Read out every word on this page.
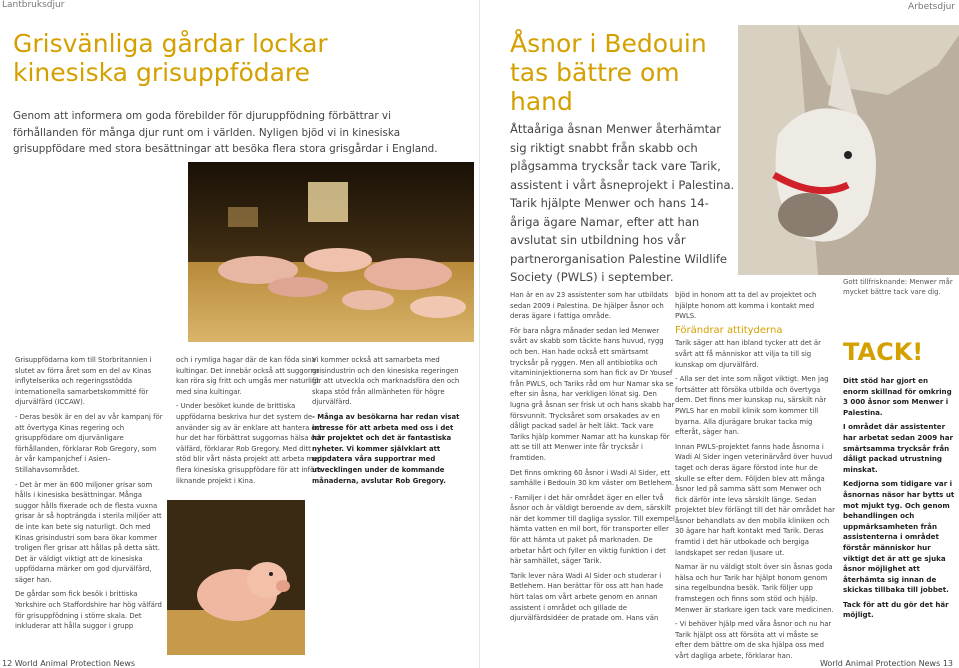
Lantbruksdjur
Grisvänliga gårdar lockar
kinesiska grisuppfödare
Genom att informera om goda förebilder för djuruppfödning förbättrar vi förhållanden för många djur runt om i världen. Nyligen bjöd vi in kinesiska grisuppfödare med stora besättningar att besöka flera stora grisgårdar i England.

Grisuppfödarna kom till Storbritannien i slutet av förra året som en del av Kinas inflytelserika och regeringsstödda internationella samarbetskommitté för djurvälfärd (ICCAW).

- Deras besök är en del av vår kampanj för att övertyga Kinas regering och grisuppfödare om djurvänligare förhållanden, förklarar Rob Gregory, som är vår kampanjchef i Asien– Stillahavsområdet.

- Det är mer än 600 miljoner grisar som hålls i kinesiska besättningar. Många suggor hålls fixerade och de flesta vuxna grisar är så hopträngda i sterila miljöer att de inte kan bete sig naturligt. Och med Kinas grisindustri som bara ökar kommer troligen fler grisar att hållas på detta sätt. Det är väldigt viktigt att de kinesiska uppfödarna märker om god djurvälfärd, säger han.

De gårdar som fick besök i brittiska Yorkshire och Staffordshire har hög välfärd för grisuppfödning i större skala. Det inkluderar att hålla suggor i grupp

och i rymliga hagar där de kan föda sina kultingar. Det innebär också att suggorna kan röra sig fritt och umgås mer naturligt med sina kultingar.

- Under besöket kunde de brittiska uppfödarna beskriva hur det system de använder sig av är enklare att hantera och hur det har förbättrat suggornas hälsa och välfärd, förklarar Rob Gregory. Med ditt stöd blir vårt nästa projekt att arbeta med flera kinesiska grisuppfödare för att införa liknande projekt i Kina.

Vi kommer också att samarbeta med grisindustrin och den kinesiska regeringen för att utveckla och marknadsföra den och skapa stöd från allmänheten för högre djurvälfärd.

- Många av besökarna har redan visat intresse för att arbeta med oss i det här projektet och det är fantastiska nyheter. Vi kommer självklart att uppdatera våra supportrar med utvecklingen under de kommande månaderna, avslutar Rob Gregory.

12 World Animal Protection News
Arbetsdjur
Åsnor i Bedouin
tas bättre om hand
Åttaåriga åsnan Menwer återhämtar sig riktigt snabbt från skabb och plågsamma trycksår tack vare Tarik, assistent i vårt åsneprojekt i Palestina. Tarik hjälpte Menwer och hans 14-åriga ägare Namar, efter att han avslutat sin utbildning hos vår partnerorganisation Palestine Wildlife Society (PWLS) i september.	Gott tillfrisknande: Menwer mår mycket bättre tack vare dig.

Han är en av 23 assistenter som har utbildats sedan 2009 i Palestina. De hjälper åsnor och deras ägare i fattiga område.

För bara några månader sedan led Menwer svårt av skabb som täckte hans huvud, rygg och ben. Han hade också ett smärtsamt trycksår på ryggen. Men all antibiotika och vitamininjektionerna som han fick av Dr Yousef från PWLS, och Tariks råd om hur Namar ska se efter sin åsna, har verkligen lönat sig. Den lugna grå åsnan ser frisk ut och hans skabb har försvunnit. Trycksåret som orsakades av en dåligt packad sadel är helt läkt. Tack vare Tariks hjälp kommer Namar att ha kunskap för att se till att Menwer inte får trycksår i framtiden.

Det finns omkring 60 åsnor i Wadi Al Sider, ett samhälle i Bedouin 30 km väster om Betlehem.

- Familjer i det här området äger en eller två åsnor och är väldigt beroende av dem, särskilt när det kommer till dagliga sysslor. Till exempel hämta vatten en mil bort, för transporter eller för att hämta ut paket på marknaden. De arbetar hårt och fyller en viktig funktion i det här samhället, säger Tarik.

Tarik lever nära Wadi Al Sider och studerar i Betlehem. Han berättar för oss att han hade hört talas om vårt arbete genom en annan assistent i området och gillade de djurvälfärdsidéer de pratade om. Hans vän

bjöd in honom att ta del av projektet och hjälpte honom att komma i kontakt med PWLS.

Förändrar attityderna

Tarik säger att han ibland tycker att det är svårt att få människor att vilja ta till sig kunskap om djurvälfärd.

- Alla ser det inte som något viktigt. Men jag fortsätter att försöka utbilda och övertyga dem. Det finns mer kunskap nu, särskilt när PWLS har en mobil klinik som kommer till byarna. Alla djurägare brukar tacka mig efteråt, säger han.

Innan PWLS-projektet fanns hade åsnorna i Wadi Al Sider ingen veterinärvård över huvud taget och deras ägare förstod inte hur de skulle se efter dem. Följden blev att många åsnor led på samma sätt som Menwer och fick därför inte leva särskilt länge. Sedan projektet blev förlängt till det här området har åsnor behandlats av den mobila kliniken och 30 ägare har haft kontakt med Tarik. Deras framtid i det här utbokade och bergiga landskapet ser redan ljusare ut.

Namar är nu väldigt stolt över sin åsnas goda hälsa och hur Tarik har hjälpt honom genom sina regelbundna besök. Tarik följer upp framstegen och finns som stöd och hjälp. Menwer är starkare igen tack vare medicinen.

- Vi behöver hjälp med våra åsnor och nu har Tarik hjälpt oss att försöta att vi måste se efter dem bättre om de ska hjälpa oss med vårt dagliga arbete, förklarar han.

TACK!

Ditt stöd har gjort en enorm skillnad för omkring 3 000 åsnor som Menwer i Palestina.

I området där assistenter har arbetat sedan 2009 har smärtsamma trycksår från dåligt packad utrustning minskat.

Kedjorna som tidigare var i åsnornas näsor har bytts ut mot mjukt tyg. Och genom behandlingen och uppmärksamheten från assistenterna i området förstår människor hur viktigt det är att ge sjuka åsnor möjlighet att återhämta sig innan de skickas tillbaka till jobbet.

Tack för att du gör det här möjligt.

World Animal Protection News 13
